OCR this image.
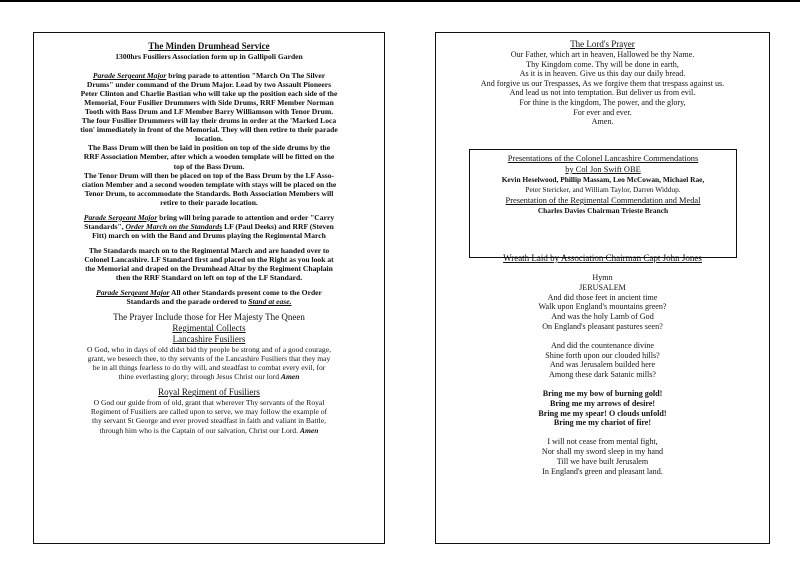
The Minden Drumhead Service
1300hrs Fusiliers Association form up in Gallipoli Garden
Parade Sergeant Major bring parade to attention "March On The Silver
Drums" under command of the Drum Major. Lead by two Assault Pioneers
Peter Clinton and Charlie Bastian who will take up the position each side of the
Memorial, Four Fusilier Drummers with Side Drums, RRF Member Norman
Tooth with Bass Drum and LF Member Barry Williamson with Tenor Drum.
The four Fusilier Drummers will lay their drums in order at the 'Marked Loca
tion' immediately in front of the Memorial. They will then retire to their parade
location.
The Bass Drum will then be laid in position on top of the side drums by the
RRF Association Member, after which a wooden template will be fitted on the
top of the Bass Drum.
The Tenor Drum will then be placed on top of the Bass Drum by the LF Asso-
ciation Member and a second wooden template with stays will be placed on the
Tenor Drum, to accommodate the Standards. Both Association Members will
retire to their parade location.
Parade Sergeant Major bring will bring parade to attention and order "Carry
Standards", Order March on the Standards LF (Paul Deeks) and RRF (Steven
Fitt) march on with the Band and Drums playing the Regimental March
The Standards march on to the Regimental March and are handed over to
Colonel Lancashire. LF Standard first and placed on the Right as you look at
the Memorial and draped on the Drumhead Altar by the Regiment Chaplain
then the RRF Standard on left on top of the LF Standard.
Parade Sergeant Major All other Standards present come to the Order
Standards and the parade ordered to Stand at ease.
The Prayer Include those for Her Majesty The Qneen
Regimental Collects
Lancashire Fusiliers
O God, who in days of old didst bid thy people be strong and of a good courage,
grant, we beseech thee, to thy servants of the Lancashire Fusiliers that they may
be in all things fearless to do thy will, and steadfast to combat every evil, for
thine everlasting glory; through Jesus Christ our lord Amen
Royal Regiment of Fusiliers
O God our guide from of old, grant that wherever Thy servants of the Royal
Regiment of Fusiliers are called upon to serve, we may follow the example of
thy servant St George and ever proved steadfast in faith and valiant in Battle,
through him who is the Captain of our salvation, Christ our Lord. Amen
The Lord's Prayer
Our Father, which art in heaven, Hallowed be thy Name.
Thy Kingdom come. Thy will be done in earth,
As it is in heaven. Give us this day our daily bread.
And forgive us our Trespasses, As we forgive them that trespass against us.
And lead us not into temptation. But deliver us from evil.
For thine is the kingdom, The power, and the glory,
For ever and ever.
Amen.
Presentations of the Colonel Lancashire Commendations
by Col Jon Swift OBE
Kevin Heselwood, Phillip Massam, Leo McCowan, Michael Rae,
Peter Stericker, and William Taylor, Darren Widdup.
Presentation of the Regimental Commendation and Medal
Charles Davies Chairman Trieste Branch
Wreath Laid by Association Chairman Capt John Jones
Hymn
JERUSALEM
And did those feet in ancient time
Walk upon England's mountains green?
And was the holy Lamb of God
On England's pleasant pastures seen?
And did the countenance divine
Shine forth upon our clouded hills?
And was Jerusalem builded here
Among these dark Satanic mills?
Bring me my bow of burning gold!
Bring me my arrows of desire!
Bring me my spear! O clouds unfold!
Bring me my chariot of fire!
I will not cease from mental fight,
Nor shall my sword sleep in my hand
Till we have built Jerusalem
In England's green and pleasant land.
